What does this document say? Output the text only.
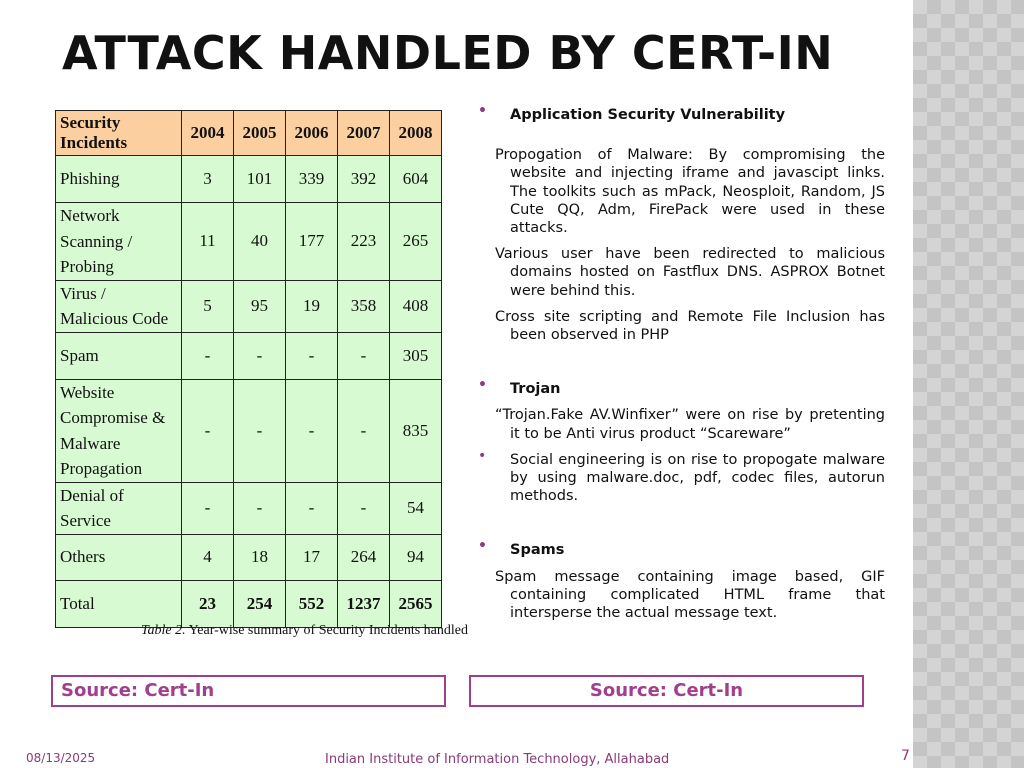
ATTACK HANDLED BY CERT-IN
Security Incidents	2004	2005	2006	2007	2008
Phishing	3	101	339	392	604
Network Scanning / Probing	11	40	177	223	265
Virus / Malicious Code	5	95	19	358	408
Spam	-	-	-	-	305
Website Compromise & Malware Propagation	-	-	-	-	835
Denial of Service	-	-	-	-	54
Others	4	18	17	264	94
Total	23	254	552	1237	2565
Table 2. Year-wise summary of Security Incidents handled
• Application Security Vulnerability
Propogation of Malware: By compromising the website and injecting iframe and javascipt links. The toolkits such as mPack, Neosploit, Random, JS Cute QQ, Adm, FirePack were used in these attacks.
Various user have been redirected to malicious domains hosted on Fastflux DNS. ASPROX Botnet were behind this.
Cross site scripting and Remote File Inclusion has been observed in PHP
• Trojan
“Trojan.Fake AV.Winfixer” were on rise by pretenting it to be Anti virus product “Scareware”
• Social engineering is on rise to propogate malware by using malware.doc, pdf, codec files, autorun methods.
• Spams
Spam message containing image based, GIF containing complicated HTML frame that intersperse the actual message text.
Source: Cert-In	Source: Cert-In
08/13/2025	Indian Institute of Information Technology, Allahabad	7
